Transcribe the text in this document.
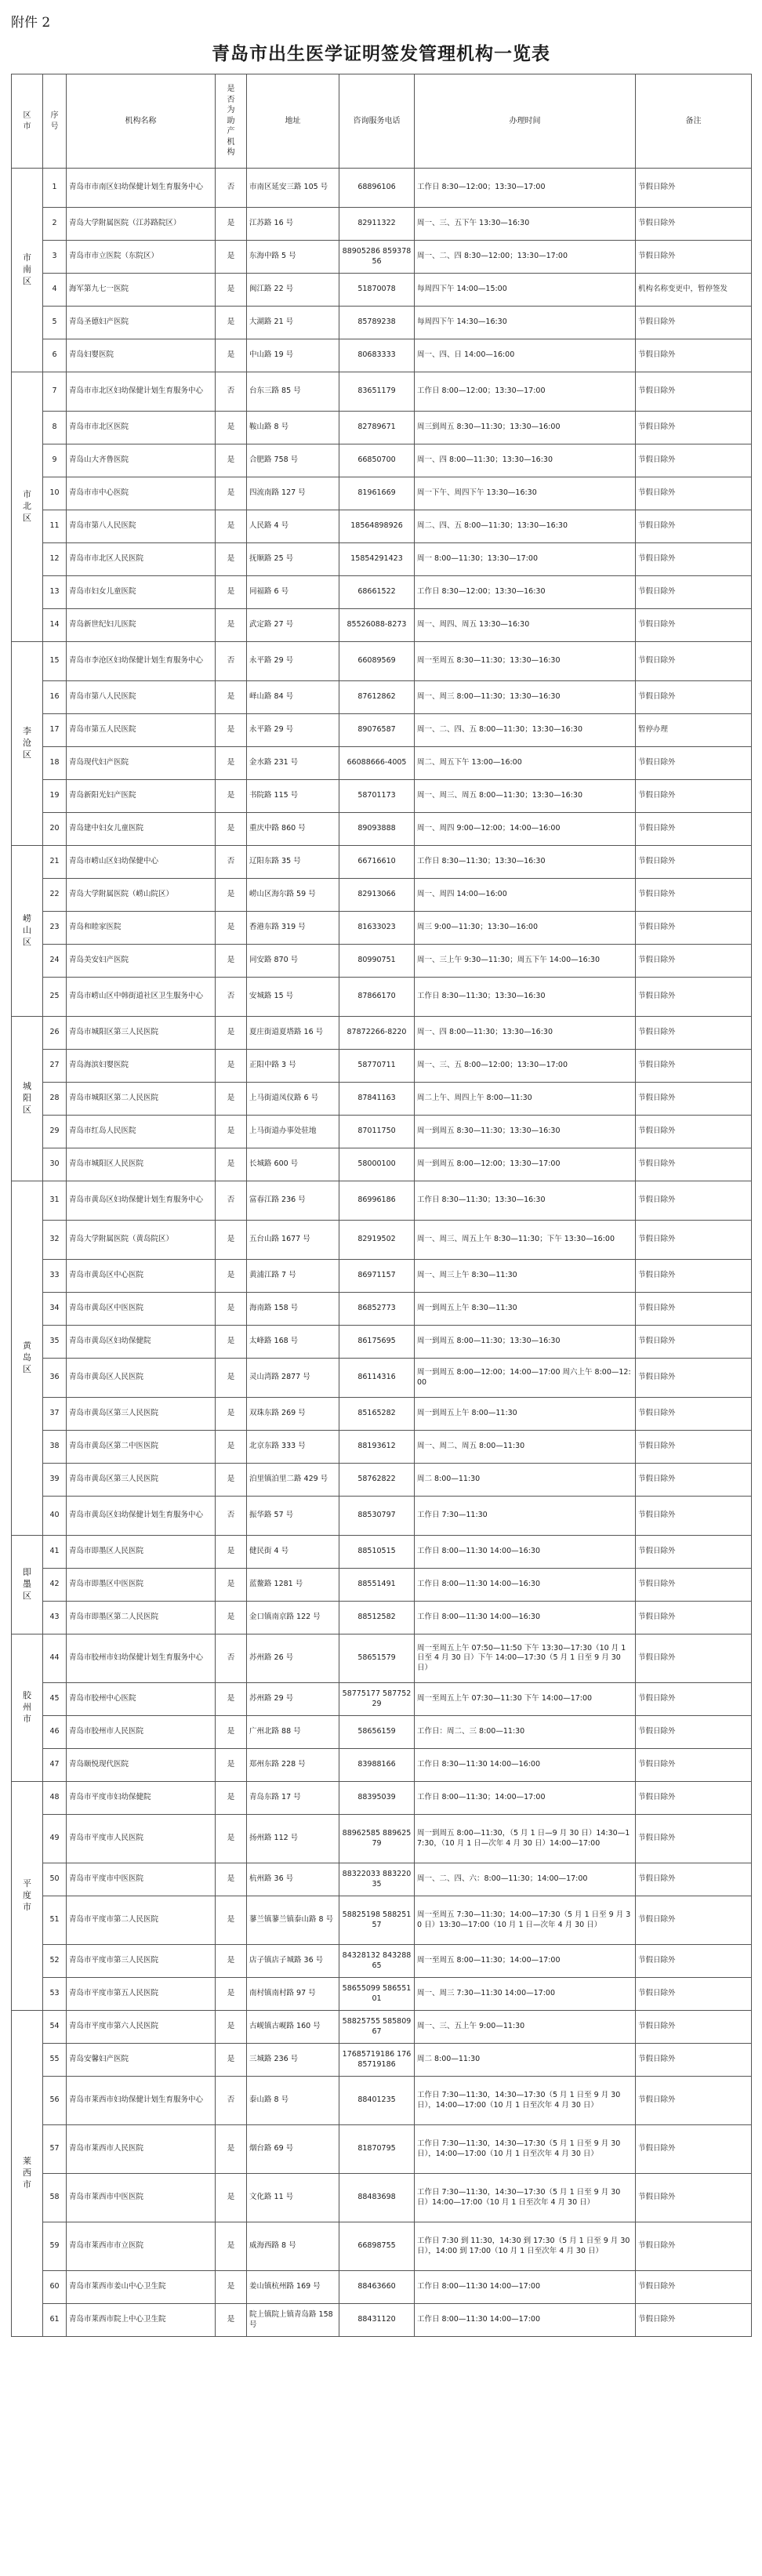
附件 2
青岛市出生医学证明签发管理机构一览表
区市	序号	机构名称	是否为助产机构	地址	咨询服务电话	办理时间	备注
市南区	1	青岛市市南区妇幼保健计划生育服务中心	否	市南区延安三路 105 号	68896106	工作日 8:30—12:00；13:30—17:00	节假日除外
	2	青岛大学附属医院（江苏路院区）	是	江苏路 16 号	82911322	周一、三、五下午 13:30—16:30	节假日除外
	3	青岛市市立医院（东院区）	是	东海中路 5 号	88905286 85937856	周一、二、四 8:30—12:00；13:30—17:00	节假日除外
	4	海军第九七一医院	是	闽江路 22 号	51870078	每周四下午 14:00—15:00	机构名称变更中，暂停签发
	5	青岛圣德妇产医院	是	大湖路 21 号	85789238	每周四下午 14:30—16:30	节假日除外
	6	青岛妇婴医院	是	中山路 19 号	80683333	周一、四、日 14:00—16:00	节假日除外
市北区	7	青岛市市北区妇幼保健计划生育服务中心	否	台东三路 85 号	83651179	工作日 8:00—12:00；13:30—17:00	节假日除外
	8	青岛市市北区医院	是	鞍山路 8 号	82789671	周三到周五 8:30—11:30；13:30—16:00	节假日除外
	9	青岛山大齐鲁医院	是	合肥路 758 号	66850700	周一、四 8:00—11:30；13:30—16:30	节假日除外
	10	青岛市市中心医院	是	四流南路 127 号	81961669	周一下午、周四下午 13:30—16:30	节假日除外
	11	青岛市第八人民医院	是	人民路 4 号	18564898926	周二、四、五 8:00—11:30；13:30—16:30	节假日除外
	12	青岛市市北区人民医院	是	抚顺路 25 号	15854291423	周一 8:00—11:30；13:30—17:00	节假日除外
	13	青岛市妇女儿童医院	是	同福路 6 号	68661522	工作日 8:30—12:00；13:30—16:30	节假日除外
	14	青岛新世纪妇儿医院	是	武定路 27 号	85526088-8273	周一、周四、周五 13:30—16:30	节假日除外
李沧区	15	青岛市李沧区妇幼保健计划生育服务中心	否	永平路 29 号	66089569	周一至周五 8:30—11:30；13:30—16:30	节假日除外
	16	青岛市第八人民医院	是	峄山路 84 号	87612862	周一、周三 8:00—11:30；13:30—16:30	节假日除外
	17	青岛市第五人民医院	是	永平路 29 号	89076587	周一、二、四、五 8:00—11:30；13:30—16:30	暂停办理
	18	青岛现代妇产医院	是	金水路 231 号	66088666-4005	周二、周五下午 13:00—16:00	节假日除外
	19	青岛新阳光妇产医院	是	书院路 115 号	58701173	周一、周三、周五 8:00—11:30；13:30—16:30	节假日除外
	20	青岛建中妇女儿童医院	是	重庆中路 860 号	89093888	周一、周四 9:00—12:00；14:00—16:00	节假日除外
崂山区	21	青岛市崂山区妇幼保健中心	否	辽阳东路 35 号	66716610	工作日 8:30—11:30；13:30—16:30	节假日除外
	22	青岛大学附属医院（崂山院区）	是	崂山区海尔路 59 号	82913066	周一、周四 14:00—16:00	节假日除外
	23	青岛和睦家医院	是	香港东路 319 号	81633023	周三 9:00—11:30；13:30—16:00	节假日除外
	24	青岛美安妇产医院	是	同安路 870 号	80990751	周一、三上午 9:30—11:30；周五下午 14:00—16:30	节假日除外
	25	青岛市崂山区中韩街道社区卫生服务中心	否	安城路 15 号	87866170	工作日 8:30—11:30；13:30—16:30	节假日除外
城阳区	26	青岛市城阳区第三人民医院	是	夏庄街道夏塔路 16 号	87872266-8220	周一、四 8:00—11:30；13:30—16:30	节假日除外
	27	青岛海滨妇婴医院	是	正阳中路 3 号	58770711	周一、三、五 8:00—12:00；13:30—17:00	节假日除外
	28	青岛市城阳区第二人民医院	是	上马街道凤仪路 6 号	87841163	周二上午、周四上午 8:00—11:30	节假日除外
	29	青岛市红岛人民医院	是	上马街道办事处驻地	87011750	周一到周五 8:30—11:30；13:30—16:30	节假日除外
	30	青岛市城阳区人民医院	是	长城路 600 号	58000100	周一到周五 8:00—12:00；13:30—17:00	节假日除外
黄岛区	31	青岛市黄岛区妇幼保健计划生育服务中心	否	富春江路 236 号	86996186	工作日 8:30—11:30；13:30—16:30	节假日除外
	32	青岛大学附属医院（黄岛院区）	是	五台山路 1677 号	82919502	周一、周三、周五上午 8:30—11:30；下午 13:30—16:00	节假日除外
	33	青岛市黄岛区中心医院	是	黄浦江路 7 号	86971157	周一、周三上午 8:30—11:30	节假日除外
	34	青岛市黄岛区中医医院	是	海南路 158 号	86852773	周一到周五上午 8:30—11:30	节假日除外
	35	青岛市黄岛区妇幼保健院	是	太峰路 168 号	86175695	周一到周五 8:00—11:30；13:30—16:30	节假日除外
	36	青岛市黄岛区人民医院	是	灵山湾路 2877 号	86114316	周一到周五 8:00—12:00；14:00—17:00 周六上午 8:00—12:00	节假日除外
	37	青岛市黄岛区第三人民医院	是	双珠东路 269 号	85165282	周一到周五上午 8:00—11:30	节假日除外
	38	青岛市黄岛区第二中医医院	是	北京东路 333 号	88193612	周一、周二、周五 8:00—11:30	节假日除外
	39	青岛市黄岛区第三人民医院	是	泊里镇泊里二路 429 号	58762822	周二 8:00—11:30	节假日除外
	40	青岛市黄岛区妇幼保健计划生育服务中心	否	振华路 57 号	88530797	工作日 7:30—11:30	节假日除外
即墨区	41	青岛市即墨区人民医院	是	健民街 4 号	88510515	工作日 8:00—11:30 14:00—16:30	节假日除外
	42	青岛市即墨区中医医院	是	蓝鳌路 1281 号	88551491	工作日 8:00—11:30 14:00—16:30	节假日除外
	43	青岛市即墨区第二人民医院	是	金口镇南京路 122 号	88512582	工作日 8:00—11:30 14:00—16:30	节假日除外
胶州市	44	青岛市胶州市妇幼保健计划生育服务中心	否	苏州路 26 号	58651579	周一至周五上午 07:50—11:50 下午 13:30—17:30（10 月 1 日至 4 月 30 日）下午 14:00—17:30（5 月 1 日至 9 月 30 日）	节假日除外
	45	青岛市胶州中心医院	是	苏州路 29 号	58775177 58775229	周一至周五上午 07:30—11:30 下午 14:00—17:00	节假日除外
	46	青岛市胶州市人民医院	是	广州北路 88 号	58656159	工作日：周二、三 8:00—11:30	节假日除外
	47	青岛颐悦现代医院	是	郑州东路 228 号	83988166	工作日 8:30—11:30 14:00—16:00	节假日除外
平度市	48	青岛市平度市妇幼保健院	是	青岛东路 17 号	88395039	工作日 8:00—11:30；14:00—17:00	节假日除外
	49	青岛市平度市人民医院	是	扬州路 112 号	88962585 88962579	周一到周五 8:00—11:30，（5 月 1 日—9 月 30 日）14:30—17:30，（10 月 1 日—次年 4 月 30 日）14:00—17:00	节假日除外
	50	青岛市平度市中医医院	是	杭州路 36 号	88322033 88322035	周一、二、四、六：8:00—11:30；14:00—17:00	节假日除外
	51	青岛市平度市第二人民医院	是	蓼兰镇蓼兰镇泰山路 8 号	58825198 58825157	周一至周五 7:30—11:30；14:00—17:30（5 月 1 日至 9 月 30 日）13:30—17:00（10 月 1 日—次年 4 月 30 日）	节假日除外
	52	青岛市平度市第三人民医院	是	店子镇店子城路 36 号	84328132 84328865	周一至周五 8:00—11:30；14:00—17:00	节假日除外
	53	青岛市平度市第五人民医院	是	南村镇南村路 97 号	58655099 58655101	周一、周三 7:30—11:30 14:00—17:00	节假日除外
莱西市	54	青岛市平度市第六人民医院	是	古岘镇古岘路 160 号	58825755 58580967	周一、三、五上午 9:00—11:30	节假日除外
	55	青岛安馨妇产医院	是	三城路 236 号	17685719186 17685719186	周二 8:00—11:30	节假日除外
	56	青岛市莱西市妇幼保健计划生育服务中心	否	泰山路 8 号	88401235	工作日 7:30—11:30，14:30—17:30（5 月 1 日至 9 月 30 日），14:00—17:00（10 月 1 日至次年 4 月 30 日）	节假日除外
	57	青岛市莱西市人民医院	是	烟台路 69 号	81870795	工作日 7:30—11:30，14:30—17:30（5 月 1 日至 9 月 30 日），14:00—17:00（10 月 1 日至次年 4 月 30 日）	节假日除外
	58	青岛市莱西市中医医院	是	文化路 11 号	88483698	工作日 7:30—11:30，14:30—17:30（5 月 1 日至 9 月 30 日）14:00—17:00（10 月 1 日至次年 4 月 30 日）	节假日除外
	59	青岛市莱西市市立医院	是	威海西路 8 号	66898755	工作日 7:30 到 11:30，14:30 到 17:30（5 月 1 日至 9 月 30 日），14:00 到 17:00（10 月 1 日至次年 4 月 30 日）	节假日除外
	60	青岛市莱西市姜山中心卫生院	是	姜山镇杭州路 169 号	88463660	工作日 8:00—11:30 14:00—17:00	节假日除外
	61	青岛市莱西市院上中心卫生院	是	院上镇院上镇青岛路 158 号	88431120	工作日 8:00—11:30 14:00—17:00	节假日除外
